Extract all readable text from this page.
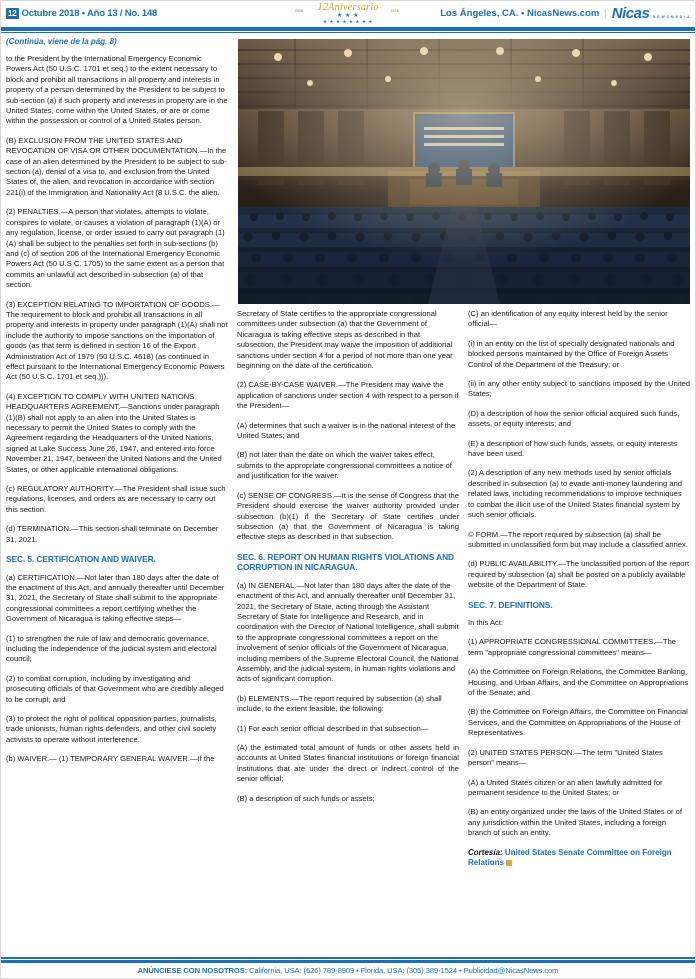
12 Octubre 2018 • Año 13 / No. 148	12Aniversario
★ ★ ★
★ ★ ★ ★ ★ ★ ★ ★
2006	2018	Los Ángeles, CA. • NicasNews.com | Nicas N E W S M E D I A

(Continúa, viene de la pág. 8)

to the President by the International Emergency Economic Powers Act (50 U.S.C. 1701 et seq.) to the extent necessary to block and prohibit all transactions in all property and interests in property of a person determined by the President to be subject to sub-section (a) if such property and interests in property are in the United States, come within the United States, or are or come within the possession or control of a United States person.

(B) EXCLUSION FROM THE UNITED STATES AND REVOCATION OF VISA OR OTHER DOCUMENTATION.—In the case of an alien determined by the President to be subject to sub-section (a), denial of a visa to, and exclusion from the United States of, the alien, and revocation in accordance with section 221(i) of the Immigration and Nationality Act (8 U.S.C. the alien.

(2) PENALTIES.—A person that violates, attempts to violate, conspires to violate, or causes a violation of paragraph (1)(A) or any regulation, license, or order issued to carry out paragraph (1)(A) shall be subject to the penalties set forth in sub-sections (b) and (c) of section 206 of the International Emergency Economic Powers Act (50 U.S.C. 1705) to the same extent as a person that commits an unlawful act described in subsection (a) of that section.

(3) EXCEPTION RELATING TO IMPORTATION OF GOODS.—The requirement to block and prohibit all transactions in all property and interests in property under paragraph (1)(A) shall not include the authority to impose sanctions on the importation of goods (as that term is defined in section 16 of the Export Administration Act of 1979 (50 U.S.C. 4618) (as continued in effect pursuant to the International Emergency Economic Powers Act (50 U.S.C. 1701 et seq.))).

(4) EXCEPTION TO COMPLY WITH UNITED NATIONS HEADQUARTERS AGREEMENT.—Sanctions under paragraph (1)(B) shall not apply to an alien into the United States is necessary to permit the United States to comply with the Agreement regarding the Headquarters of the United Nations, signed at Lake Success June 26, 1947, and entered into force November 21, 1947, between the United Nations and the United States, or other applicable international obligations.

(c) REGULATORY AUTHORITY.—The President shall issue such regulations, licenses, and orders as are necessary to carry out this section.

(d) TERMINATION.—This section shall terminate on December 31, 2021.

SEC. 5. CERTIFICATION AND WAIVER.

(a) CERTIFICATION.—Not later than 180 days after the date of the enactment of this Act, and annually thereafter until December 31, 2021, the Secretary of State shall submit to the appropriate congressional committees a report certifying whether the Government of Nicaragua is taking effective steps—

(1) to strengthen the rule of law and democratic governance, including the independence of the judicial system and electoral council;

(2) to combat corruption, including by investigating and prosecuting officials of that Government who are credibly alleged to be corrupt; and

(3) to protect the right of political opposition parties, journalists, trade unionists, human rights defenders, and other civil society activists to operate without interference.

(b) WAIVER.— (1) TEMPORARY GENERAL WAIVER.—If the

Secretary of State certifies to the appropriate congressional committees under subsection (a) that the Government of Nicaragua is taking effective steps as described in that subsection, the President may waive the imposition of additional sanctions under section 4 for a period of not more than one year beginning on the date of the certification.

(2) CASE-BY-CASE WAIVER.—The President may waive the application of sanctions under section 4 with respect to a person if the President—

(A) determines that such a waiver is in the national interest of the United States; and

(B) not later than the date on which the waiver takes effect, submits to the appropriate congressional committees a notice of and justification for the waiver.

(c) SENSE OF CONGRESS.—It is the sense of Congress that the President should exercise the waiver authority provided under subsection (b)(1) if the Secretary of State certifies under subsection (a) that the Government of Nicaragua is taking effective steps as described in that subsection.

SEC. 6. REPORT ON HUMAN RIGHTS VIOLATIONS AND CORRUPTION IN NICARAGUA.

(a) IN GENERAL.—Not later than 180 days after the date of the enactment of this Act, and annually thereafter until December 31, 2021, the Secretary of State, acting through the Assistant Secretary of State for Intelligence and Research, and in coordination with the Director of National Intelligence, shall submit to the appropriate congressional committees a report on the involvement of senior officials of the Government of Nicaragua, including members of the Supreme Electoral Council, the National Assembly, and the judicial system, in human rights violations and acts of significant corruption.

(b) ELEMENTS.—The report required by subsection (a) shall include, to the extent feasible, the following:

(1) For each senior official described in that subsection—

(A) the estimated total amount of funds or other assets held in accounts at United States financial institutions or foreign financial institutions that are under the direct or indirect control of the senior official;

(B) a description of such funds or assets;

(C) an identification of any equity interest held by the senior official—

(i) in an entity on the list of specially designated nationals and blocked persons maintained by the Office of Foreign Assets Control of the Department of the Treasury; or

(ii) in any other entity subject to sanctions imposed by the United States;

(D) a description of how the senior official acquired such funds, assets, or equity interests; and

(E) a description of how such funds, assets, or equity interests have been used.

(2) A description of any new methods used by senior officials described in subsection (a) to evade anti-money laundering and related laws, including recommendations to improve techniques to combat the illicit use of the United States financial system by such senior officials.

© FORM.—The report required by subsection (a) shall be submitted in unclassified form but may include a classified annex.

(d) PUBLIC AVAILABILITY.—The unclassified portion of the report required by subsection (a) shall be posted on a publicly available website of the Department of State.

SEC. 7. DEFINITIONS.

In this Act:

(1) APPROPRIATE CONGRESSIONAL COMMITTEES.—The term "appropriate congressional committees" means—

(A) the Committee on Foreign Relations, the Committee Banking, Housing, and Urban Affairs, and the Committee on Appropriations of the Senate; and

(B) the Committee on Foreign Affairs, the Committee on Financial Services, and the Committee on Appropriations of the House of Representatives.

(2) UNITED STATES PERSON.—The term "United States person" means—

(A) a United States citizen or an alien lawfully admitted for permanent residence to the United States; or

(B) an entity organized under the laws of the United States or of any jurisdiction within the United States, including a foreign branch of such an entity.

Cortesía: United States Senate Committee on Foreign Relations

ANÚNCIESE CON NOSOTROS: California, USA: (626) 789-8909 • Florida, USA: (305) 389-1524 • Publicidad@NicasNews.com
